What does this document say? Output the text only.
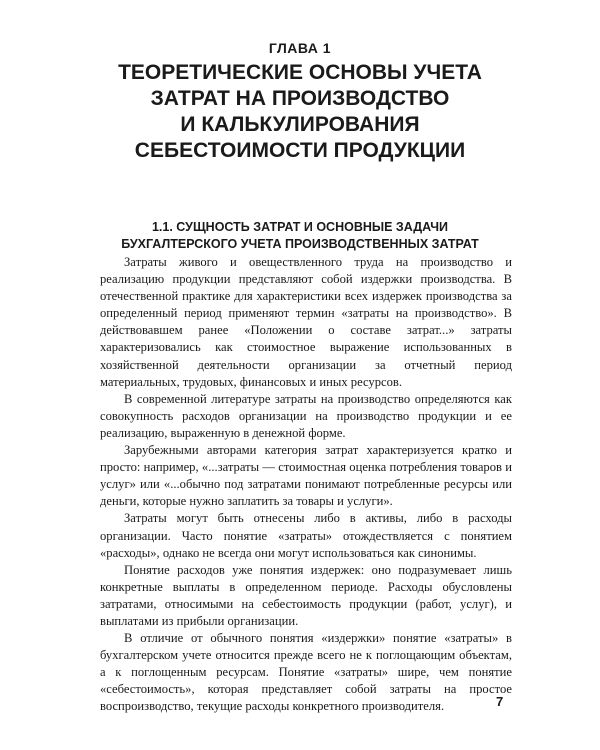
ГЛАВА 1
ТЕОРЕТИЧЕСКИЕ ОСНОВЫ УЧЕТА
ЗАТРАТ НА ПРОИЗВОДСТВО
И КАЛЬКУЛИРОВАНИЯ
СЕБЕСТОИМОСТИ ПРОДУКЦИИ
1.1. СУЩНОСТЬ ЗАТРАТ И ОСНОВНЫЕ ЗАДАЧИ
БУХГАЛТЕРСКОГО УЧЕТА ПРОИЗВОДСТВЕННЫХ ЗАТРАТ

Затраты живого и овеществленного труда на производство и реализацию продукции представляют собой издержки производства. В отечественной практике для характеристики всех издержек производства за определенный период применяют термин «затраты на производство». В действовавшем ранее «Положении о составе затрат...» затраты характеризовались как стоимостное выражение использованных в хозяйственной деятельности организации за отчетный период материальных, трудовых, финансовых и иных ресурсов.

В современной литературе затраты на производство определяются как совокупность расходов организации на производство продукции и ее реализацию, выраженную в денежной форме.

Зарубежными авторами категория затрат характеризуется кратко и просто: например, «...затраты — стоимостная оценка потребления товаров и услуг» или «...обычно под затратами понимают потребленные ресурсы или деньги, которые нужно заплатить за товары и услуги».

Затраты могут быть отнесены либо в активы, либо в расходы организации. Часто понятие «затраты» отождествляется с понятием «расходы», однако не всегда они могут использоваться как синонимы.

Понятие расходов уже понятия издержек: оно подразумевает лишь конкретные выплаты в определенном периоде. Расходы обусловлены затратами, относимыми на себестоимость продукции (работ, услуг), и выплатами из прибыли организации.

В отличие от обычного понятия «издержки» понятие «затраты» в бухгалтерском учете относится прежде всего не к поглощающим объектам, а к поглощенным ресурсам. Понятие «затраты» шире, чем понятие «себестоимость», которая представляет собой затраты на простое воспроизводство, текущие расходы конкретного производителя.	7
